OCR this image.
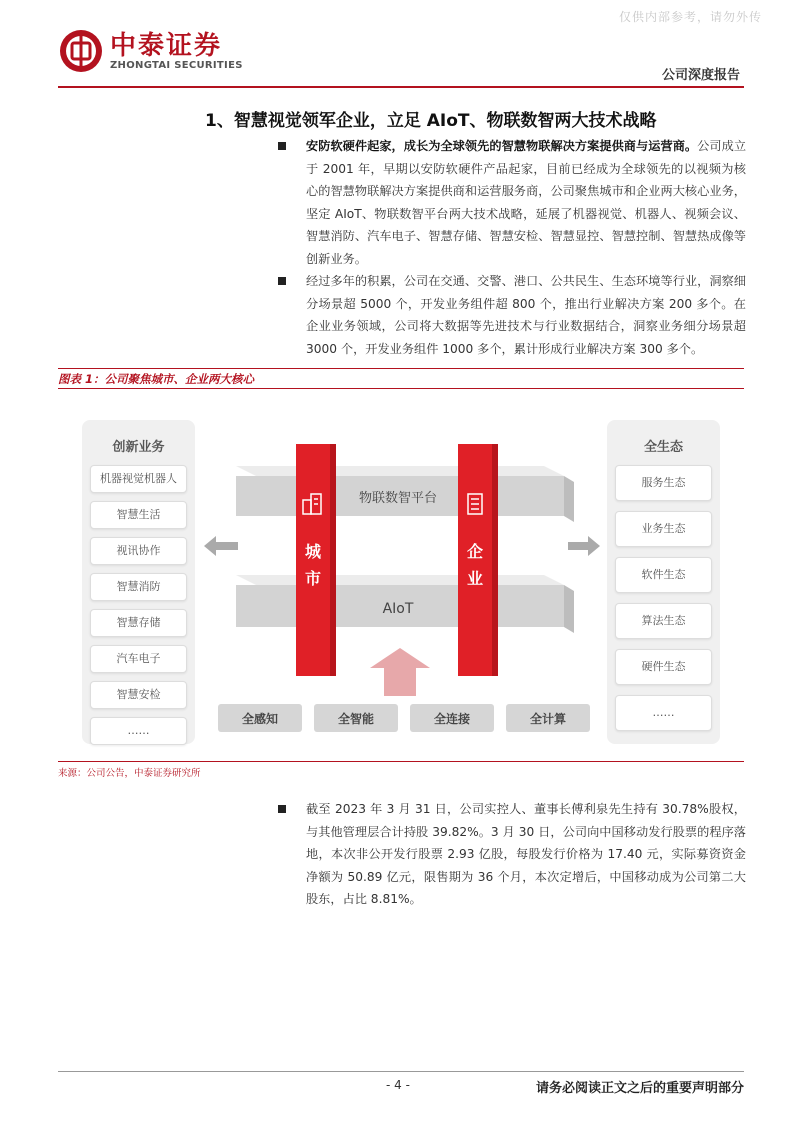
仅供内部参考，请勿外传
中泰证券
ZHONGTAI SECURITIES
公司深度报告
1、智慧视觉领军企业，立足 AIoT、物联数智两大技术战略
安防软硬件起家，成长为全球领先的智慧物联解决方案提供商与运营商。公司成立于 2001 年，早期以安防软硬件产品起家，目前已经成为全球领先的以视频为核心的智慧物联解决方案提供商和运营服务商，公司聚焦城市和企业两大核心业务，坚定 AIoT、物联数智平台两大技术战略，延展了机器视觉、机器人、视频会议、智慧消防、汽车电子、智慧存储、智慧安检、智慧显控、智慧控制、智慧热成像等创新业务。
经过多年的积累，公司在交通、交警、港口、公共民生、生态环境等行业，洞察细分场景超 5000 个，开发业务组件超 800 个，推出行业解决方案 200 多个。在企业业务领域，公司将大数据等先进技术与行业数据结合，洞察业务细分场景超 3000 个，开发业务组件 1000 多个，累计形成行业解决方案 300 多个。
图表 1：公司聚焦城市、企业两大核心
创新业务
机器视觉机器人
智慧生活
视讯协作
智慧消防
智慧存储
汽车电子
智慧安检
……
物联数智平台
AIoT
城
市
企
业
全感知	全智能	全连接	全计算
全生态
服务生态
业务生态
软件生态
算法生态
硬件生态
……
来源：公司公告，中泰证券研究所
截至 2023 年 3 月 31 日，公司实控人、董事长傅利泉先生持有 30.78%股权，与其他管理层合计持股 39.82%。3 月 30 日，公司向中国移动发行股票的程序落地，本次非公开发行股票 2.93 亿股，每股发行价格为 17.40 元，实际募资资金净额为 50.89 亿元，限售期为 36 个月，本次定增后，中国移动成为公司第二大股东，占比 8.81%。
- 4 -	请务必阅读正文之后的重要声明部分
